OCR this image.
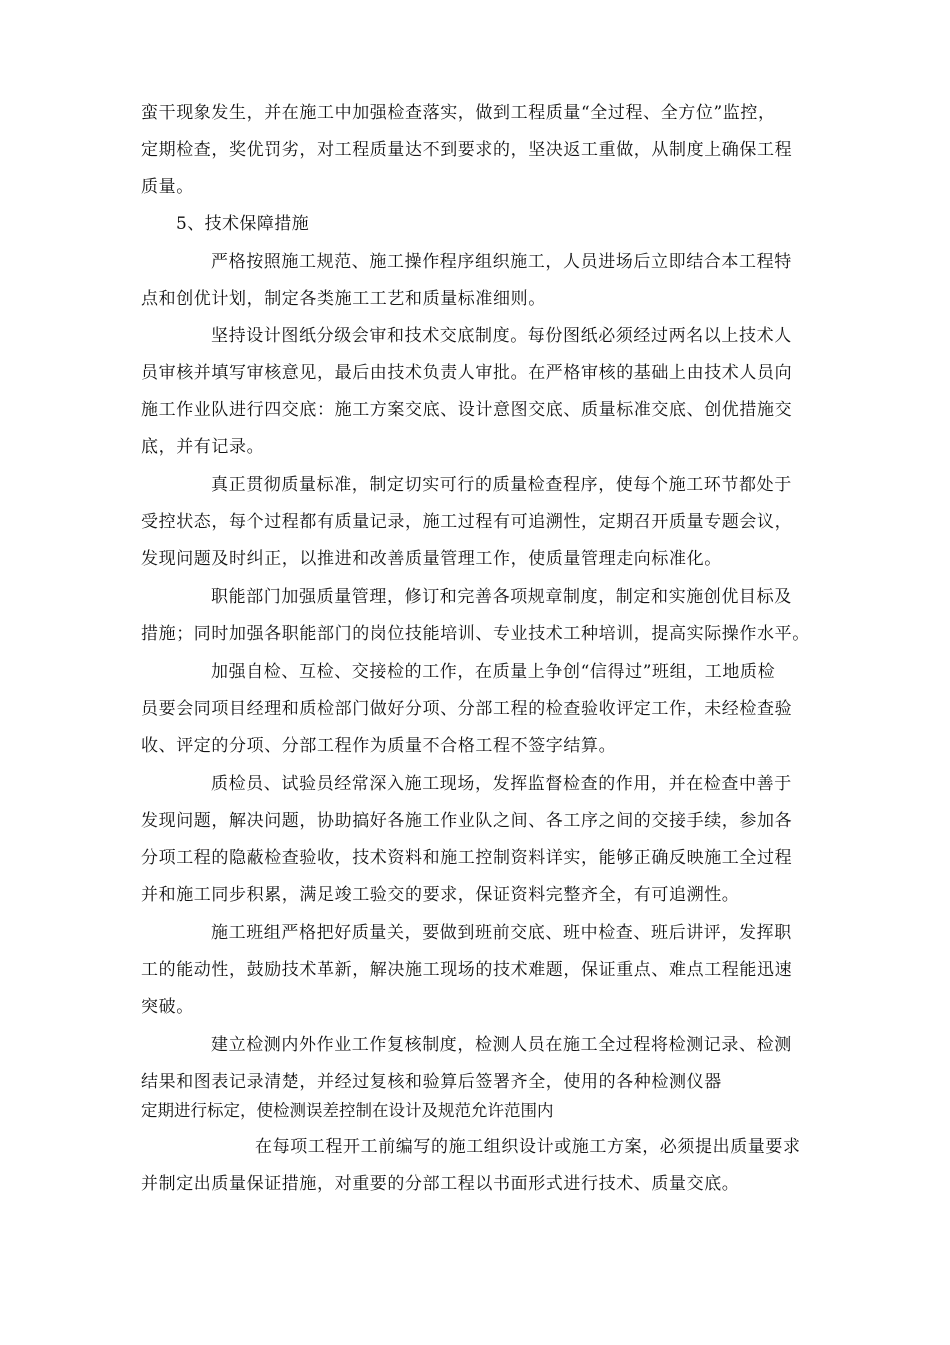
蛮干现象发生，并在施工中加强检查落实，做到工程质量“全过程、全方位”监控，
定期检查，奖优罚劣，对工程质量达不到要求的，坚决返工重做，从制度上确保工程
质量。
5、技术保障措施
严格按照施工规范、施工操作程序组织施工，人员进场后立即结合本工程特
点和创优计划，制定各类施工工艺和质量标准细则。
坚持设计图纸分级会审和技术交底制度。每份图纸必须经过两名以上技术人
员审核并填写审核意见，最后由技术负责人审批。在严格审核的基础上由技术人员向
施工作业队进行四交底：施工方案交底、设计意图交底、质量标准交底、创优措施交
底，并有记录。
真正贯彻质量标准，制定切实可行的质量检查程序，使每个施工环节都处于
受控状态，每个过程都有质量记录，施工过程有可追溯性，定期召开质量专题会议，
发现问题及时纠正，以推进和改善质量管理工作，使质量管理走向标准化。
职能部门加强质量管理，修订和完善各项规章制度，制定和实施创优目标及
措施；同时加强各职能部门的岗位技能培训、专业技术工种培训，提高实际操作水平。
加强自检、互检、交接检的工作，在质量上争创“信得过”班组，工地质检
员要会同项目经理和质检部门做好分项、分部工程的检查验收评定工作，未经检查验
收、评定的分项、分部工程作为质量不合格工程不签字结算。
质检员、试验员经常深入施工现场，发挥监督检查的作用，并在检查中善于
发现问题，解决问题，协助搞好各施工作业队之间、各工序之间的交接手续，参加各
分项工程的隐蔽检查验收，技术资料和施工控制资料详实，能够正确反映施工全过程
并和施工同步积累，满足竣工验交的要求，保证资料完整齐全，有可追溯性。
施工班组严格把好质量关，要做到班前交底、班中检查、班后讲评，发挥职
工的能动性，鼓励技术革新，解决施工现场的技术难题，保证重点、难点工程能迅速
突破。
建立检测内外作业工作复核制度，检测人员在施工全过程将检测记录、检测
结果和图表记录清楚，并经过复核和验算后签署齐全，使用的各种检测仪器
定期进行标定，使检测误差控制在设计及规范允许范围内
在每项工程开工前编写的施工组织设计或施工方案，必须提出质量要求
并制定出质量保证措施，对重要的分部工程以书面形式进行技术、质量交底。
